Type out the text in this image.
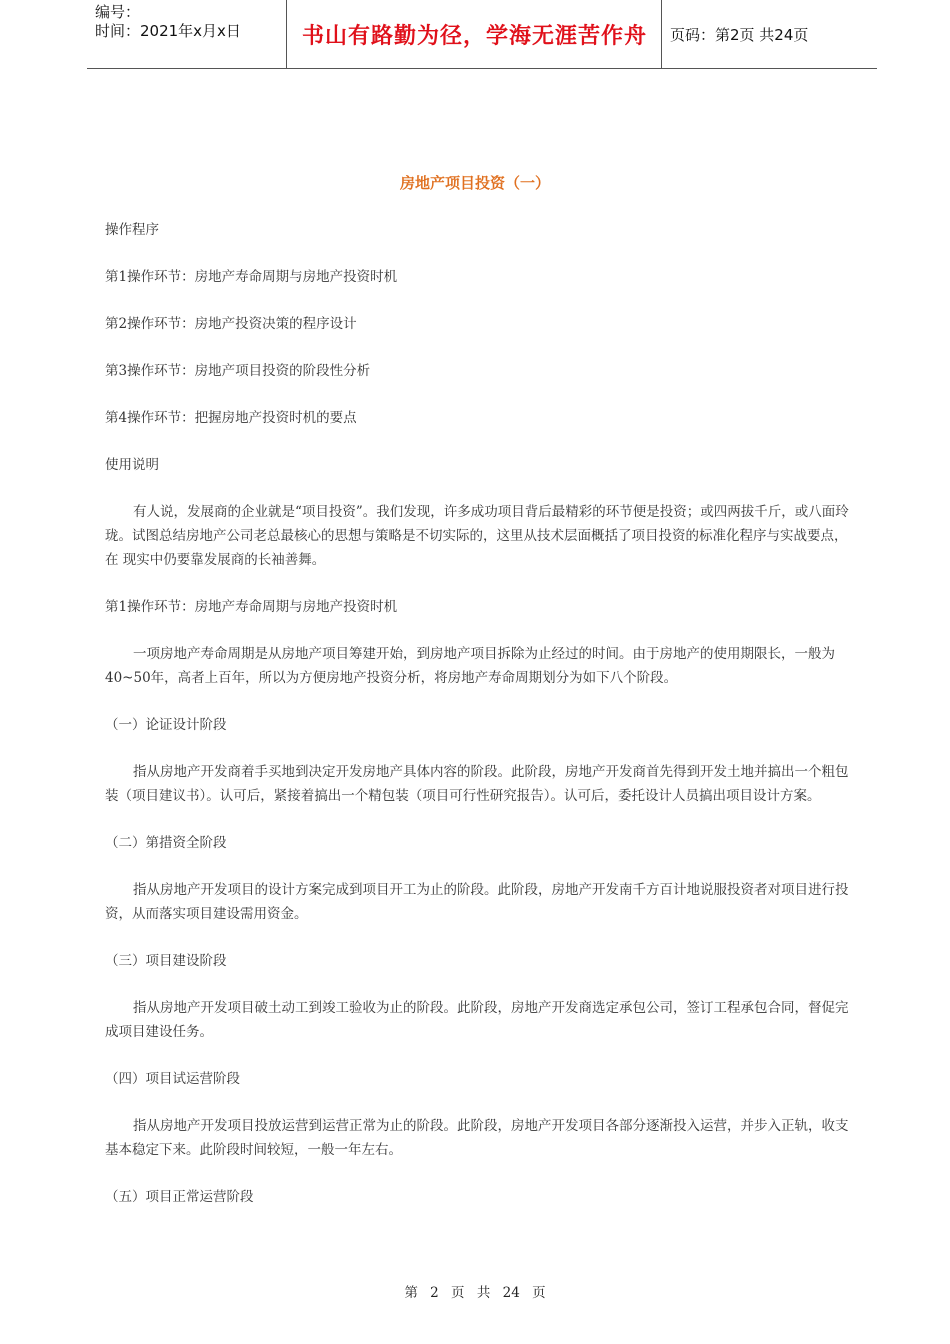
编号：
时间：2021年x月x日	书山有路勤为径，学海无涯苦作舟 页码：第2页 共24页
房地产项目投资（一）

操作程序

第1操作环节：房地产寿命周期与房地产投资时机

第2操作环节：房地产投资决策的程序设计

第3操作环节：房地产项目投资的阶段性分析

第4操作环节：把握房地产投资时机的要点

使用说明

有人说，发展商的企业就是“项目投资”。我们发现，许多成功项目背后最精彩的环节便是投资；或四两拔千斤，或八面玲珑。试图总结房地产公司老总最核心的思想与策略是不切实际的，这里从技术层面概括了项目投资的标准化程序与实战要点，在 现实中仍要靠发展商的长袖善舞。

第1操作环节：房地产寿命周期与房地产投资时机

一项房地产寿命周期是从房地产项目筹建开始，到房地产项目拆除为止经过的时间。由于房地产的使用期限长，一般为40~50年，高者上百年，所以为方便房地产投资分析，将房地产寿命周期划分为如下八个阶段。

（一）论证设计阶段

指从房地产开发商着手买地到决定开发房地产具体内容的阶段。此阶段，房地产开发商首先得到开发土地并搞出一个粗包装（项目建议书）。认可后，紧接着搞出一个精包装（项目可行性研究报告）。认可后，委托设计人员搞出项目设计方案。

（二）第措资全阶段

指从房地产开发项目的设计方案完成到项目开工为止的阶段。此阶段，房地产开发南千方百计地说服投资者对项目进行投资，从而落实项目建设需用资金。

（三）项目建设阶段

指从房地产开发项目破土动工到竣工验收为止的阶段。此阶段，房地产开发商选定承包公司，签订工程承包合同，督促完成项目建设任务。

（四）项目试运营阶段

指从房地产开发项目投放运营到运营正常为止的阶段。此阶段，房地产开发项目各部分逐渐投入运营，并步入正轨，收支基本稳定下来。此阶段时间较短，一般一年左右。

（五）项目正常运营阶段

第 2 页 共 24 页
